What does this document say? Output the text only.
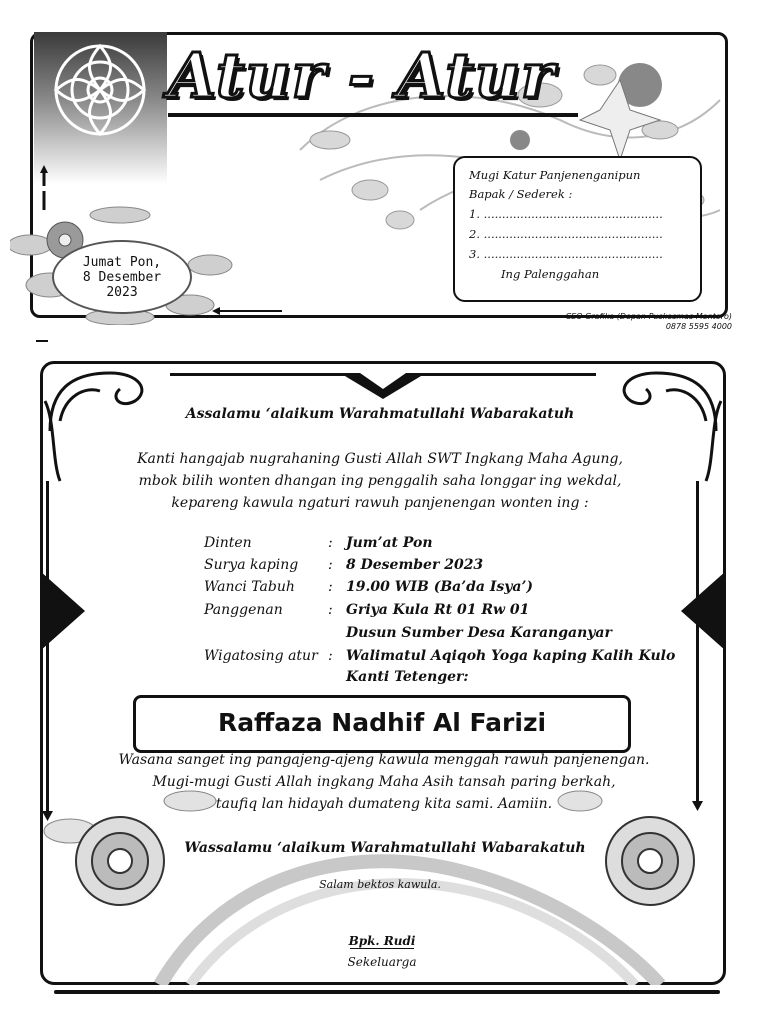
Atur - Atur
Mugi Katur Panjenenganipun
Bapak / Sederek :
1. .................................................
2. .................................................
3. .................................................
Ing Palenggahan
Jumat Pon,
8 Desember
2023
CEO Grafika (Depan Puskesmas Mentoro)
0878 5595 4000
Assalamu ‘alaikum Warahmatullahi Wabarakatuh
Kanti hangajab nugrahaning Gusti Allah SWT Ingkang Maha Agung,
mbok bilih wonten dhangan ing penggalih saha longgar ing wekdal,
kepareng kawula ngaturi rawuh panjenengan wonten ing :
Dinten	: Jum’at Pon
Surya kaping : 8 Desember 2023
Wanci Tabuh : 19.00 WIB (Ba’da Isya’)
Panggenan	: Griya Kula Rt 01 Rw 01
Dusun Sumber Desa Karanganyar
Wigatosing atur : Walimatul Aqiqoh Yoga kaping Kalih Kulo
Kanti Tetenger:
Raffaza Nadhif Al Farizi
Wasana sanget ing pangajeng-ajeng kawula menggah rawuh panjenengan.
Mugi-mugi Gusti Allah ingkang Maha Asih tansah paring berkah,
taufiq lan hidayah dumateng kita sami. Aamiin.
Wassalamu ‘alaikum Warahmatullahi Wabarakatuh
Salam bektos kawula.
Bpk. Rudi
Sekeluarga
